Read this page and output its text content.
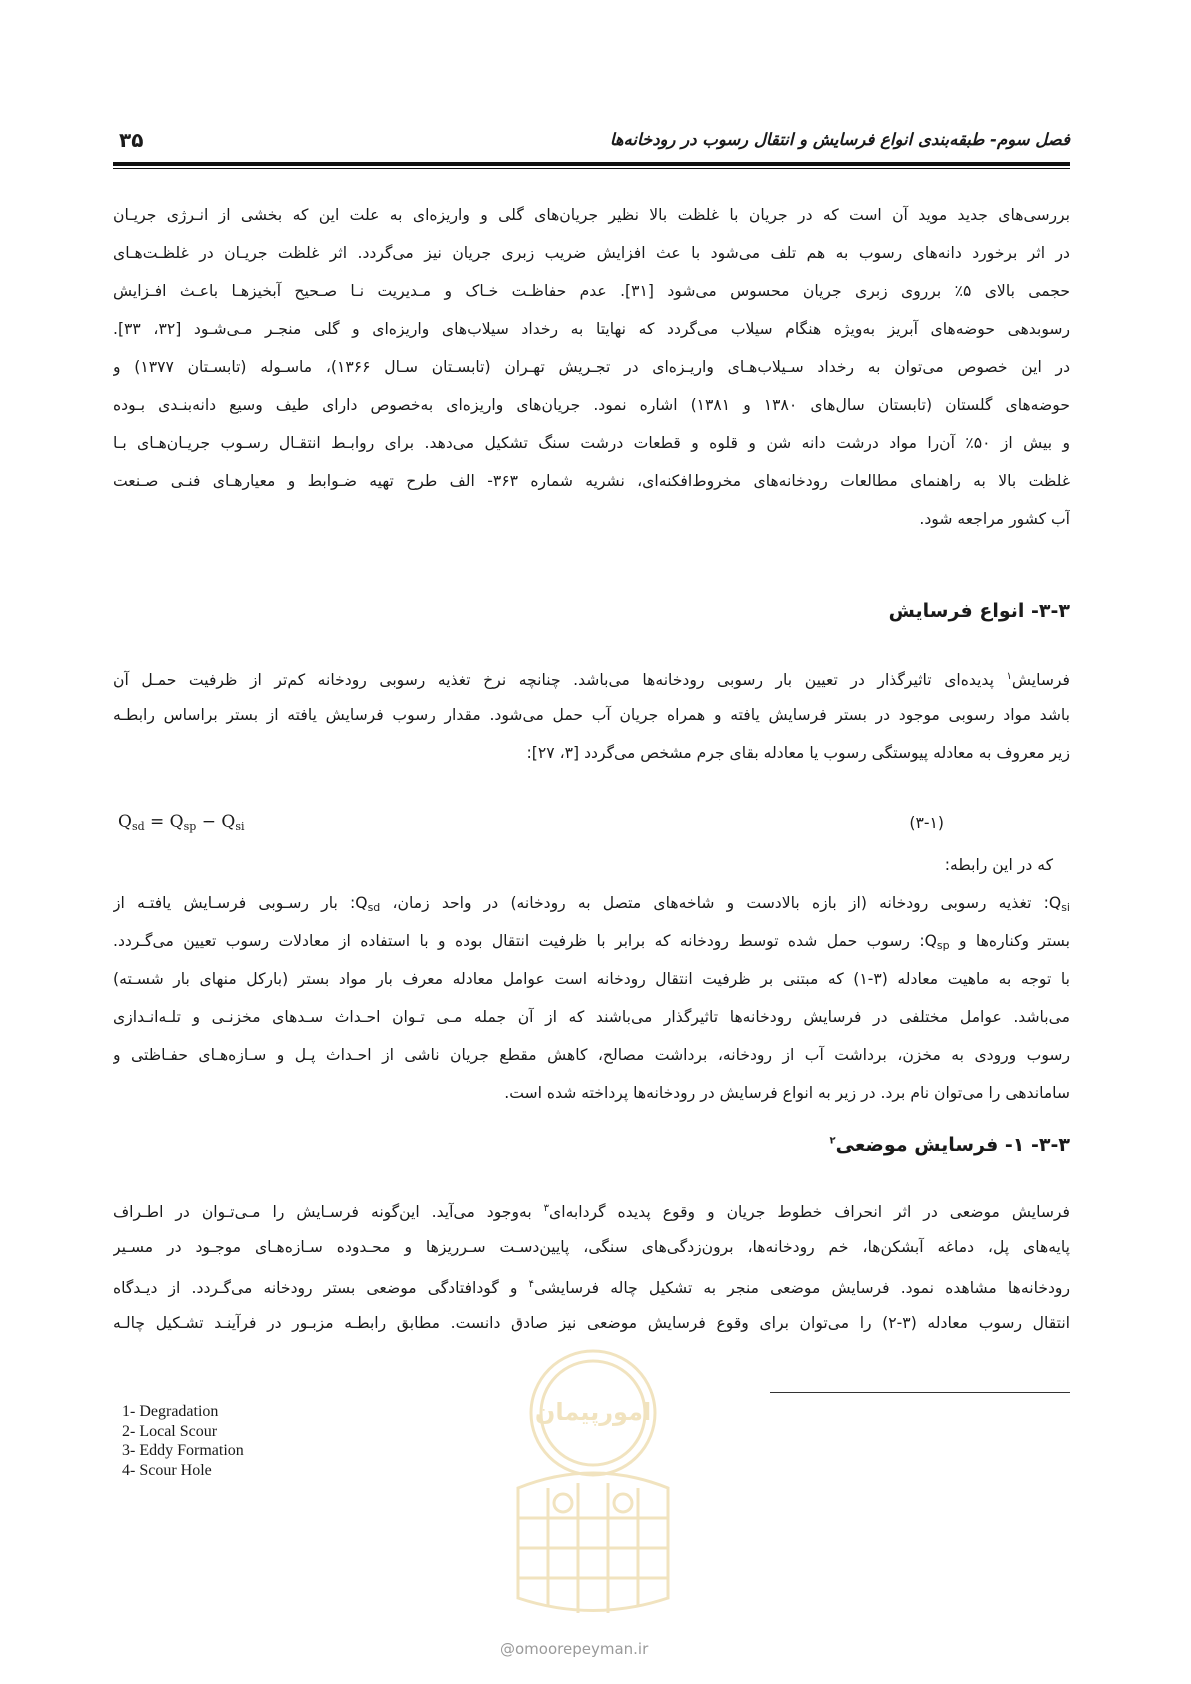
فصل سوم- طبقه‌بندی انواع فرسایش و انتقال رسوب در رودخانه‌ها
۳۵
بررسی‌های جدید موید آن است که در جریان با غلظت بالا نظیر جریان‌های گلی و واریزه‌ای به علت این که بخشی از انـرژی جریـان
در اثر برخورد دانه‌های رسوب به هم تلف می‌شود با عث افزایش ضریب زبری جریان نیز می‌گردد. اثر غلظت جریـان در غلظـت‌هـای
حجمی بالای ۵٪ برروی زبری جریان محسوس می‌شود [۳۱]. عدم حفاظـت خـاک و مـدیریت نـا صـحیح آبخیزهـا باعـث افـزایش
رسوبدهی حوضه‌های آبریز به‌ویژه هنگام سیلاب می‌گردد که نهایتا به رخداد سیلاب‌های واریزه‌ای و گلی منجـر مـی‌شـود [۳۲، ۳۳].
در این خصوص می‌توان به رخداد سـیلاب‌هـای واریـزه‌ای در تجـریش تهـران (تابسـتان سـال ۱۳۶۶)، ماسـوله (تابسـتان ۱۳۷۷) و
حوضه‌های گلستان (تابستان سال‌های ۱۳۸۰ و ۱۳۸۱) اشاره نمود. جریان‌های واریزه‌ای به‌خصوص دارای طیف وسیع دانه‌بنـدی بـوده
و بیش از ۵۰٪ آن‌را مواد درشت دانه شن و قلوه و قطعات درشت سنگ تشکیل می‌دهد. برای روابـط انتقـال رسـوب جریـان‌هـای بـا
غلظت بالا به راهنمای مطالعات رودخانه‌های مخروط‌افکنه‌ای، نشریه شماره ۳۶۳- الف طرح تهیه ضـوابط و معیارهـای فنـی صـنعت
آب کشور مراجعه شود.
۳-۳- انواع فرسایش
فرسایش$^۱$ پدیده‌ای تاثیرگذار در تعیین بار رسوبی رودخانه‌ها می‌باشد. چنانچه نرخ تغذیه رسوبی رودخانه کم‌تر از ظرفیت حمـل آن
باشد مواد رسوبی موجود در بستر فرسایش یافته و همراه جریان آب حمل می‌شود. مقدار رسوب فرسایش یافته از بستر براساس رابطـه
زیر معروف به معادله پیوستگی رسوب یا معادله بقای جرم مشخص می‌گردد [۳، ۲۷]:
$Q_{sd} = Q_{sp} - Q_{si}$	(۳-۱)
که در این رابطه:
$Q_{si}$: تغذیه رسوبی رودخانه (از بازه بالادست و شاخه‌های متصل به رودخانه) در واحد زمان، $Q_{sd}$: بار رسـوبی فرسـایش یافتـه از
بستر وکناره‌ها و $Q_{sp}$: رسوب حمل شده توسط رودخانه که برابر با ظرفیت انتقال بوده و با استفاده از معادلات رسوب تعیین می‌گـردد.
با توجه به ماهیت معادله (۳-۱) که مبتنی بر ظرفیت انتقال رودخانه است عوامل معادله معرف بار مواد بستر (بارکل منهای بار شسـته)
می‌باشد. عوامل مختلفی در فرسایش رودخانه‌ها تاثیرگذار می‌باشند که از آن جمله مـی تـوان احـداث سـدهای مخزنـی و تلـه‌انـدازی
رسوب ورودی به مخزن، برداشت آب از رودخانه، برداشت مصالح، کاهش مقطع جریان ناشی از احـداث پـل و سـازه‌هـای حفـاظتی و
ساماندهی را می‌توان نام برد. در زیر به انواع فرسایش در رودخانه‌ها پرداخته شده است.
۳-۳- ۱- فرسایش موضعی$^۲$
فرسایش موضعی در اثر انحراف خطوط جریان و وقوع پدیده گردابه‌ای$^۳$ به‌وجود می‌آید. این‌گونه فرسـایش را مـی‌تـوان در اطـراف
پایه‌های پل، دماغه آبشکن‌ها، خم رودخانه‌ها، برون‌زدگی‌های سنگی، پایین‌دسـت سـرریزها و محـدوده سـازه‌هـای موجـود در مسـیر
رودخانه‌ها مشاهده نمود. فرسایش موضعی منجر به تشکیل چاله فرسایشی$^۴$ و گودافتادگی موضعی بستر رودخانه می‌گـردد. از دیـدگاه
انتقال رسوب معادله (۳-۲) را می‌توان برای وقوع فرسایش موضعی نیز صادق دانست. مطابق رابطـه مزبـور در فرآینـد تشـکیل چالـه
1- Degradation
2- Local Scour
3- Eddy Formation
4- Scour Hole
امورپیمان
@omoorepeyman.ir
